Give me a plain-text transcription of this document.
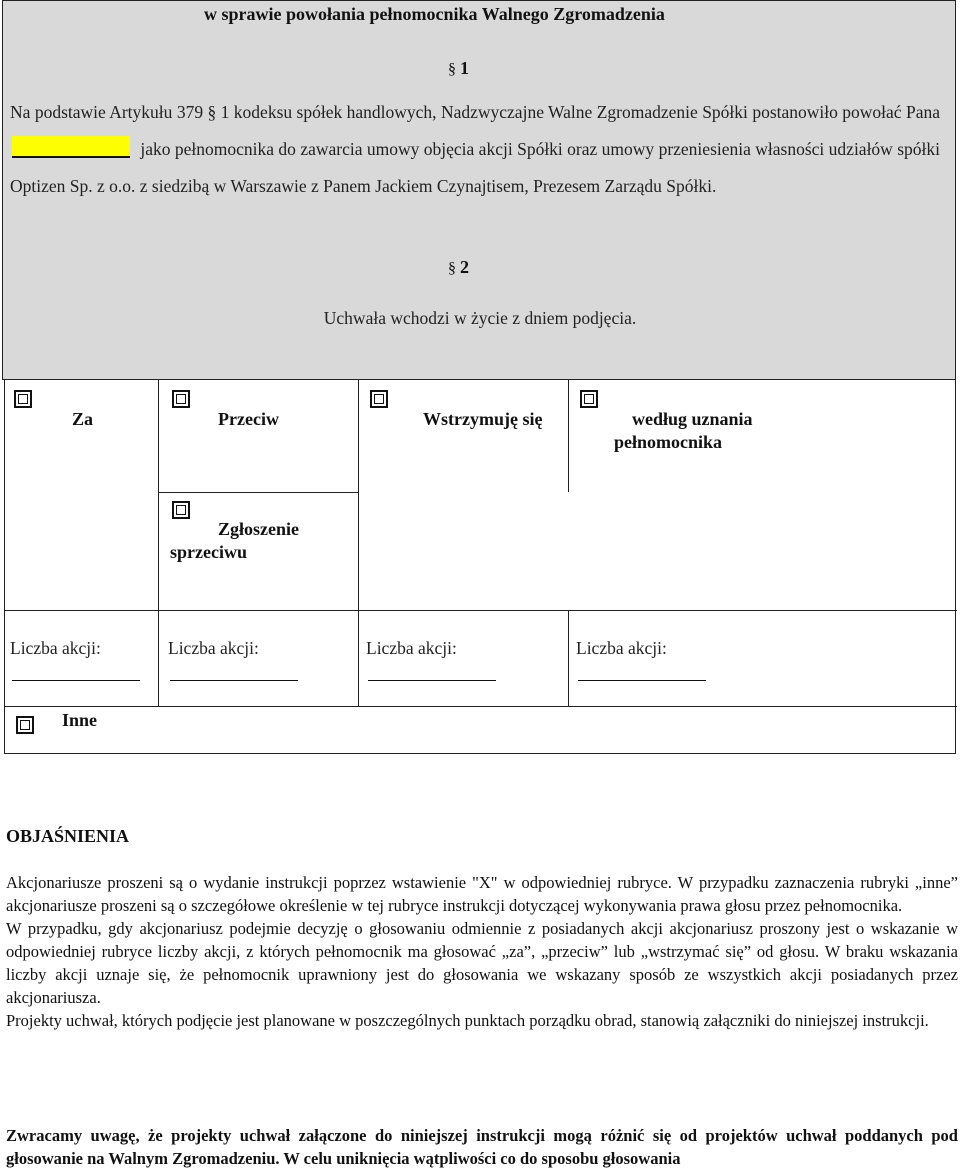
w sprawie powołania pełnomocnika Walnego Zgromadzenia
§ 1
Na podstawie Artykułu 379 § 1 kodeksu spółek handlowych, Nadzwyczajne Walne Zgromadzenie Spółki postanowiło powołać Pana  jako pełnomocnika do zawarcia umowy objęcia akcji Spółki oraz umowy przeniesienia własności udziałów spółki Optizen Sp. z o.o. z siedzibą w Warszawie z Panem Jackiem Czynajtisem, Prezesem Zarządu Spółki.
§ 2
Uchwała wchodzi w życie z dniem podjęcia.
Za	Przeciw	Wstrzymuję się	według uznania
pełnomocnika
Zgłoszenie
sprzeciwu
Liczba akcji:	Liczba akcji:	Liczba akcji:	Liczba akcji:
Inne
OBJAŚNIENIA

Akcjonariusze proszeni są o wydanie instrukcji poprzez wstawienie "X" w odpowiedniej rubryce. W przypadku zaznaczenia rubryki „inne” akcjonariusze proszeni są o szczegółowe określenie w tej rubryce instrukcji dotyczącej wykonywania prawa głosu przez pełnomocnika.

W przypadku, gdy akcjonariusz podejmie decyzję o głosowaniu odmiennie z posiadanych akcji akcjonariusz proszony jest o wskazanie w odpowiedniej rubryce liczby akcji, z których pełnomocnik ma głosować „za”, „przeciw” lub „wstrzymać się” od głosu. W braku wskazania liczby akcji uznaje się, że pełnomocnik uprawniony jest do głosowania we wskazany sposób ze wszystkich akcji posiadanych przez akcjonariusza.

Projekty uchwał, których podjęcie jest planowane w poszczególnych punktach porządku obrad, stanowią załączniki do niniejszej instrukcji.

Zwracamy uwagę, że projekty uchwał załączone do niniejszej instrukcji mogą różnić się od projektów uchwał poddanych pod głosowanie na Walnym Zgromadzeniu. W celu uniknięcia wątpliwości co do sposobu głosowania
